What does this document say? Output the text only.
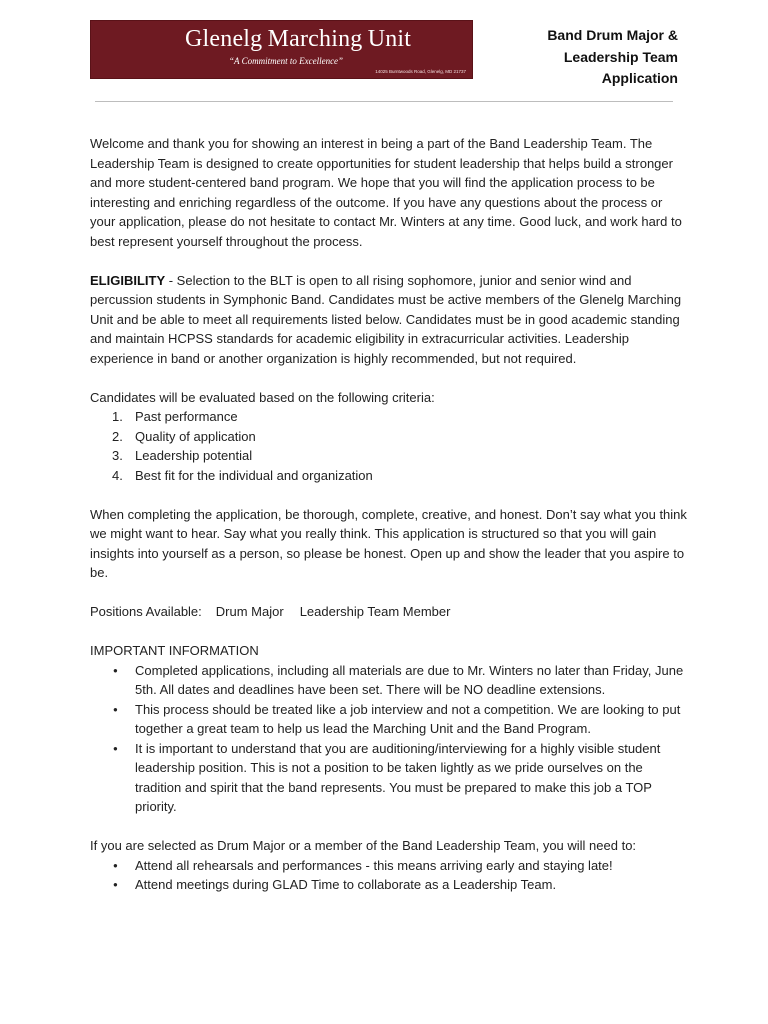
Glenelg Marching Unit
“A Commitment to Excellence”
14025 Burntwoods Road, Glenelg, MD 21737
Band Drum Major &
Leadership Team
Application

Welcome and thank you for showing an interest in being a part of the Band Leadership Team. The Leadership Team is designed to create opportunities for student leadership that helps build a stronger and more student-centered band program. We hope that you will find the application process to be interesting and enriching regardless of the outcome. If you have any questions about the process or your application, please do not hesitate to contact Mr. Winters at any time. Good luck, and work hard to best represent yourself throughout the process.

ELIGIBILITY - Selection to the BLT is open to all rising sophomore, junior and senior wind and percussion students in Symphonic Band. Candidates must be active members of the Glenelg Marching Unit and be able to meet all requirements listed below. Candidates must be in good academic standing and maintain HCPSS standards for academic eligibility in extracurricular activities. Leadership experience in band or another organization is highly recommended, but not required.

Candidates will be evaluated based on the following criteria:

1. Past performance
2. Quality of application
3. Leadership potential
4. Best fit for the individual and organization

When completing the application, be thorough, complete, creative, and honest. Don’t say what you think we might want to hear. Say what you really think. This application is structured so that you will gain insights into yourself as a person, so please be honest. Open up and show the leader that you aspire to be.

Positions Available: Drum Major Leadership Team Member

IMPORTANT INFORMATION

● Completed applications, including all materials are due to Mr. Winters no later than Friday, June 5th. All dates and deadlines have been set. There will be NO deadline extensions.
● This process should be treated like a job interview and not a competition. We are looking to put together a great team to help us lead the Marching Unit and the Band Program.
● It is important to understand that you are auditioning/interviewing for a highly visible student leadership position. This is not a position to be taken lightly as we pride ourselves on the tradition and spirit that the band represents. You must be prepared to make this job a TOP priority.

If you are selected as Drum Major or a member of the Band Leadership Team, you will need to:

● Attend all rehearsals and performances - this means arriving early and staying late!
● Attend meetings during GLAD Time to collaborate as a Leadership Team.
